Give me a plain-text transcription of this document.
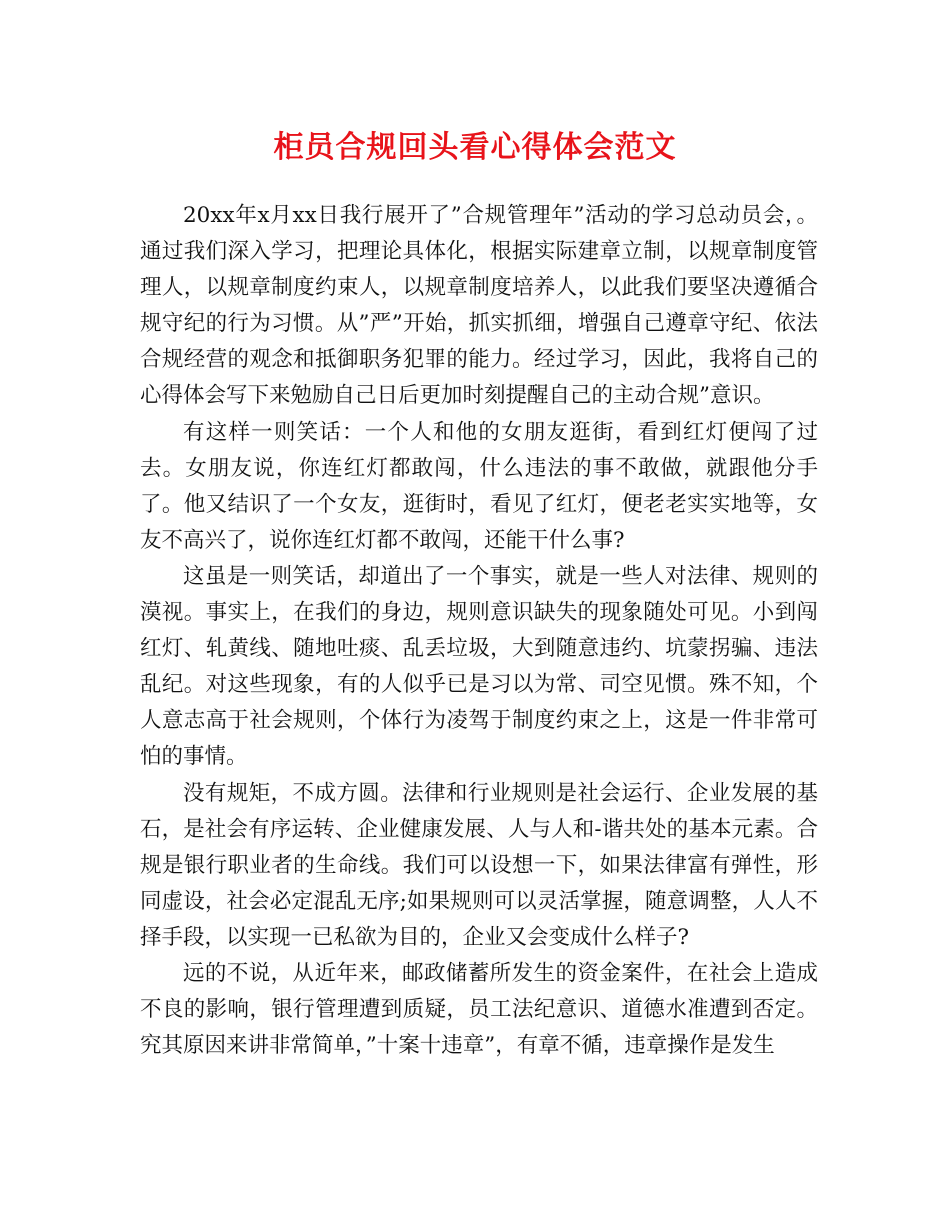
柜员合规回头看心得体会范文

20xx年x月xx日我行展开了”合规管理年”活动的学习总动员会，。通过我们深入学习，把理论具体化，根据实际建章立制，以规章制度管理人，以规章制度约束人，以规章制度培养人，以此我们要坚决遵循合规守纪的行为习惯。从”严”开始，抓实抓细，增强自己遵章守纪、依法合规经营的观念和抵御职务犯罪的能力。经过学习，因此，我将自己的心得体会写下来勉励自己日后更加时刻提醒自己的主动合规”意识。

有这样一则笑话：一个人和他的女朋友逛街，看到红灯便闯了过去。女朋友说，你连红灯都敢闯，什么违法的事不敢做，就跟他分手了。他又结识了一个女友，逛街时，看见了红灯，便老老实实地等，女友不高兴了，说你连红灯都不敢闯，还能干什么事?

这虽是一则笑话，却道出了一个事实，就是一些人对法律、规则的漠视。事实上，在我们的身边，规则意识缺失的现象随处可见。小到闯红灯、轧黄线、随地吐痰、乱丢垃圾，大到随意违约、坑蒙拐骗、违法乱纪。对这些现象，有的人似乎已是习以为常、司空见惯。殊不知，个人意志高于社会规则，个体行为凌驾于制度约束之上，这是一件非常可怕的事情。

没有规矩，不成方圆。法律和行业规则是社会运行、企业发展的基石，是社会有序运转、企业健康发展、人与人和-谐共处的基本元素。合规是银行职业者的生命线。我们可以设想一下，如果法律富有弹性，形同虚设，社会必定混乱无序;如果规则可以灵活掌握，随意调整，人人不择手段，以实现一已私欲为目的，企业又会变成什么样子?

远的不说，从近年来，邮政储蓄所发生的资金案件，在社会上造成不良的影响，银行管理遭到质疑，员工法纪意识、道德水准遭到否定。究其原因来讲非常简单，”十案十违章”，有章不循，违章操作是发生
